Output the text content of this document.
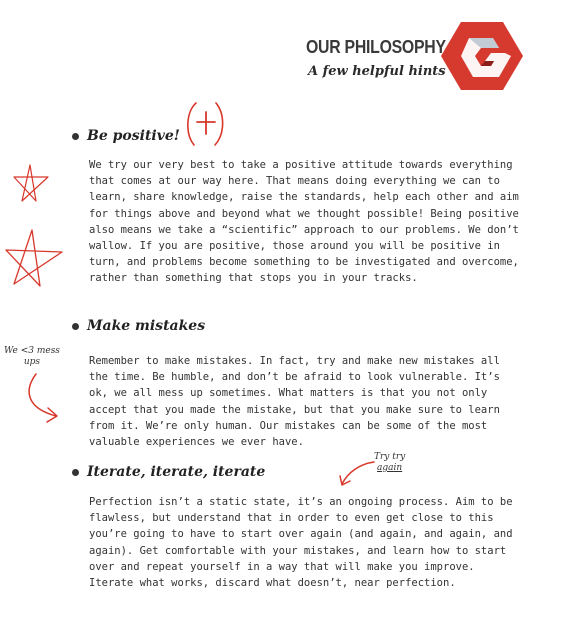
OUR PHILOSOPHY
A few helpful hints
Be positive!

We try our very best to take a positive attitude towards everything that comes at our way here. That means doing everything we can to learn, share knowledge, raise the standards, help each other and aim for things above and beyond what we thought possible! Being positive also means we take a “scientific” approach to our problems. We don’t wallow. If you are positive, those around you will be positive in turn, and problems become something to be investigated and overcome, rather than something that stops you in your tracks.

Make mistakes

Remember to make mistakes. In fact, try and make new mistakes all the time. Be humble, and don’t be afraid to look vulnerable. It’s ok, we all mess up sometimes. What matters is that you not only accept that you made the mistake, but that you make sure to learn from it. We’re only human. Our mistakes can be some of the most valuable experiences we ever have.

Iterate, iterate, iterate

Perfection isn’t a static state, it’s an ongoing process. Aim to be flawless, but understand that in order to even get close to this you’re going to have to start over again (and again, and again, and again). Get comfortable with your mistakes, and learn how to start over and repeat yourself in a way that will make you improve. Iterate what works, discard what doesn’t, near perfection.

We <3 mess
ups
Try try
again
